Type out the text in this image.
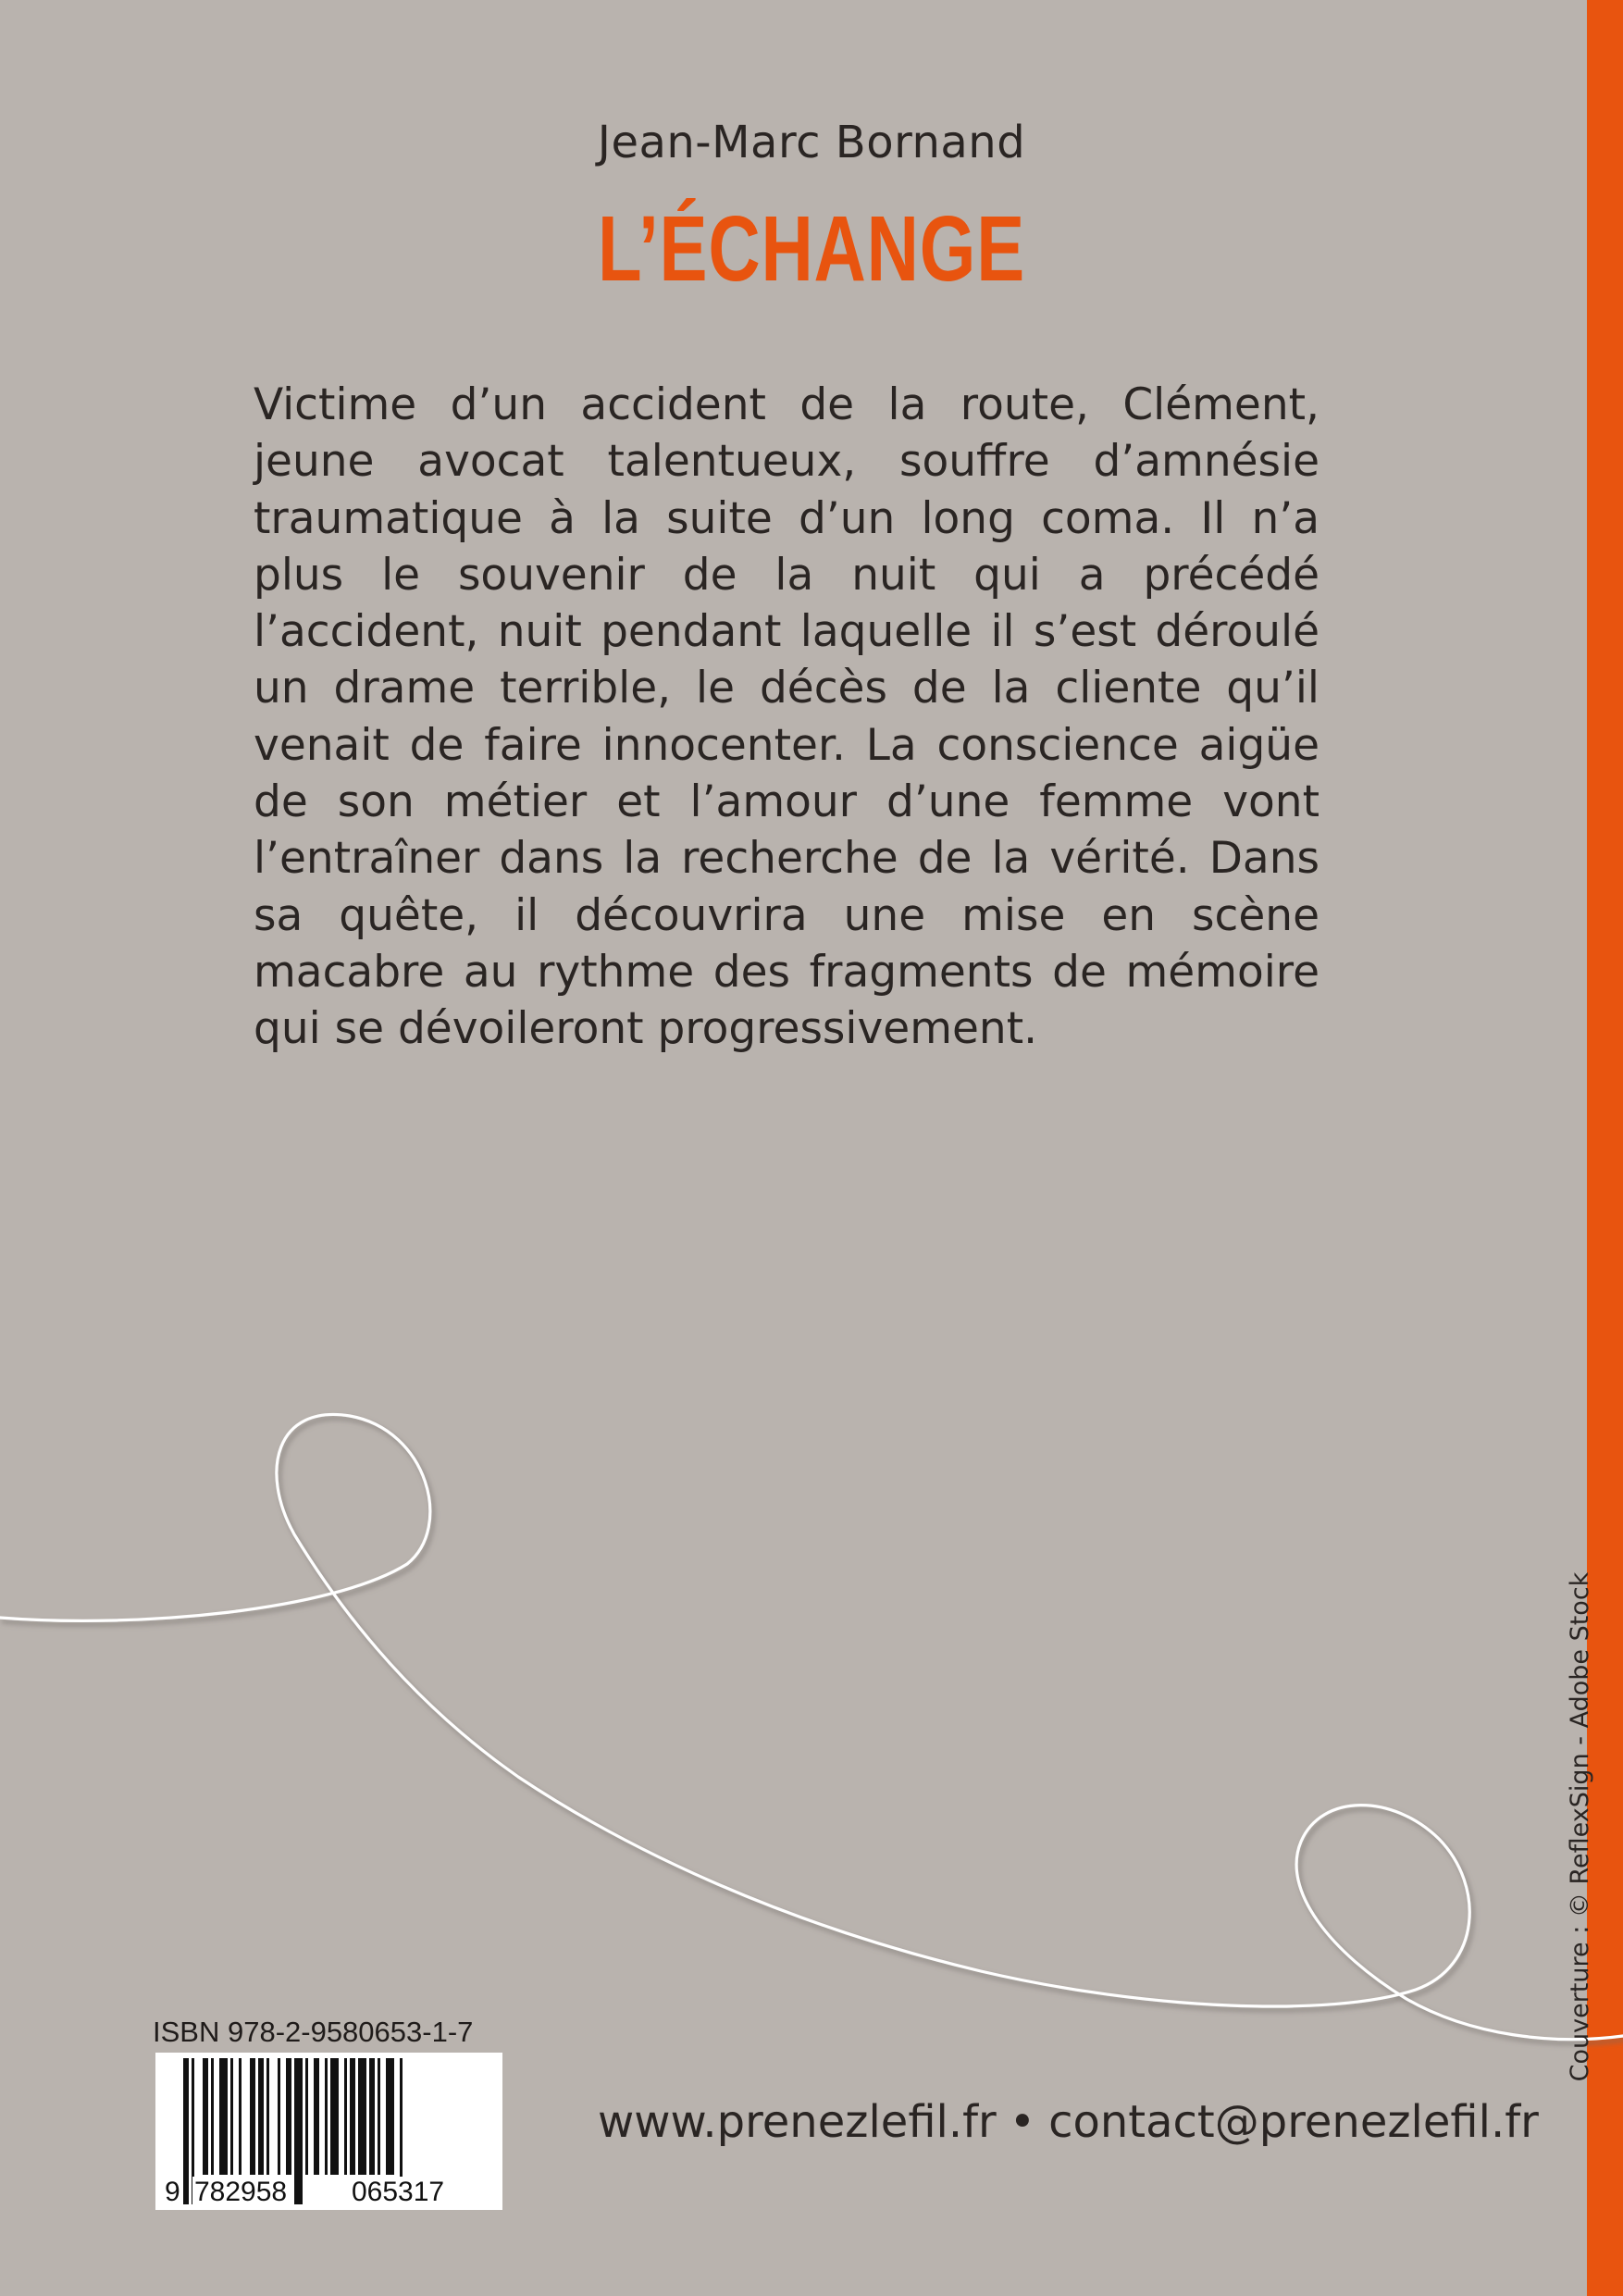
Jean-Marc Bornand
L’ÉCHANGE

Victime d’un accident de la route, Clément, jeune avocat talentueux, souffre d’amnésie traumatique à la suite d’un long coma. Il n’a plus le souvenir de la nuit qui a précédé l’accident, nuit pendant laquelle il s’est déroulé un drame terrible, le décès de la cliente qu’il venait de faire innocenter. La conscience aigüe de son métier et l’amour d’une femme vont l’entraîner dans la recherche de la vérité. Dans sa quête, il découvrira une mise en scène macabre au rythme des fragments de mémoire qui se dévoileront progressivement.

Couverture : © ReflexSign - Adobe Stock
ISBN 978-2-9580653-1-7
9 782958 065317
www.prenezlefil.fr • contact@prenezlefil.fr
